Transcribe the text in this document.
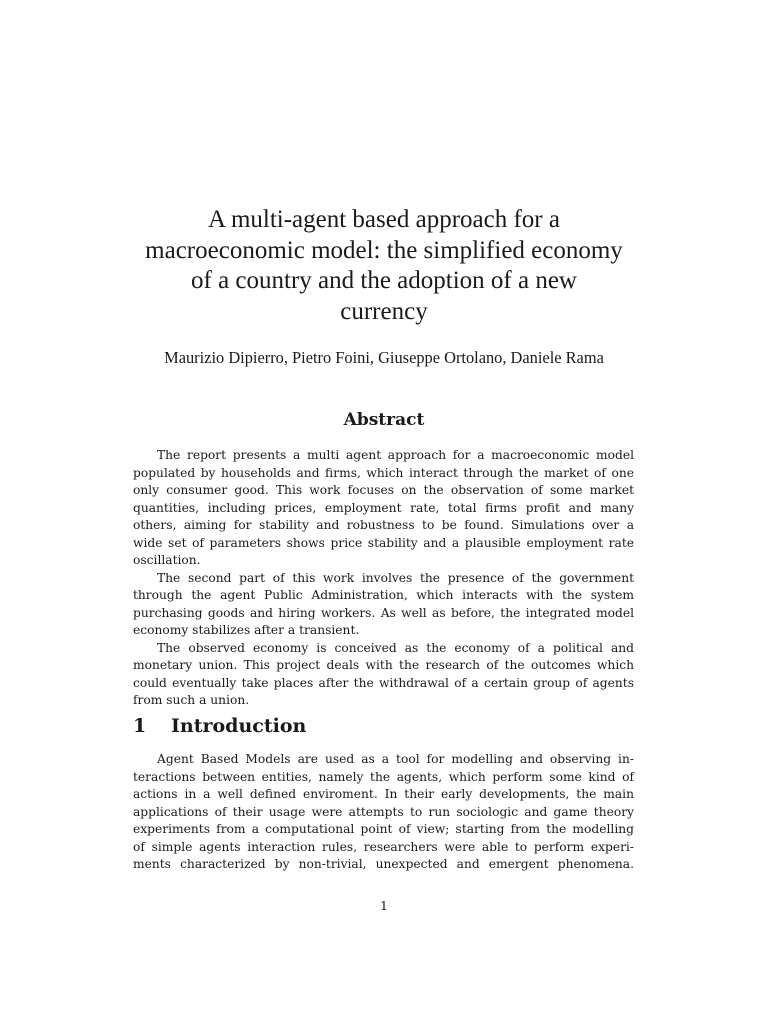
A multi-agent based approach for a
macroeconomic model: the simplified economy
of a country and the adoption of a new
currency
Maurizio Dipierro, Pietro Foini, Giuseppe Ortolano, Daniele Rama
Abstract
The report presents a multi agent approach for a macroeconomic model
populated by households and firms, which interact through the market of one
only consumer good. This work focuses on the observation of some market
quantities, including prices, employment rate, total firms profit and many
others, aiming for stability and robustness to be found. Simulations over a
wide set of parameters shows price stability and a plausible employment rate
oscillation.
The second part of this work involves the presence of the government
through the agent Public Administration, which interacts with the system
purchasing goods and hiring workers. As well as before, the integrated model
economy stabilizes after a transient.
The observed economy is conceived as the economy of a political and
monetary union. This project deals with the research of the outcomes which
could eventually take places after the withdrawal of a certain group of agents
from such a union.
1 Introduction
Agent Based Models are used as a tool for modelling and observing in-
teractions between entities, namely the agents, which perform some kind of
actions in a well defined enviroment. In their early developments, the main
applications of their usage were attempts to run sociologic and game theory
experiments from a computational point of view; starting from the modelling
of simple agents interaction rules, researchers were able to perform experi-
ments characterized by non-trivial, unexpected and emergent phenomena.
1
